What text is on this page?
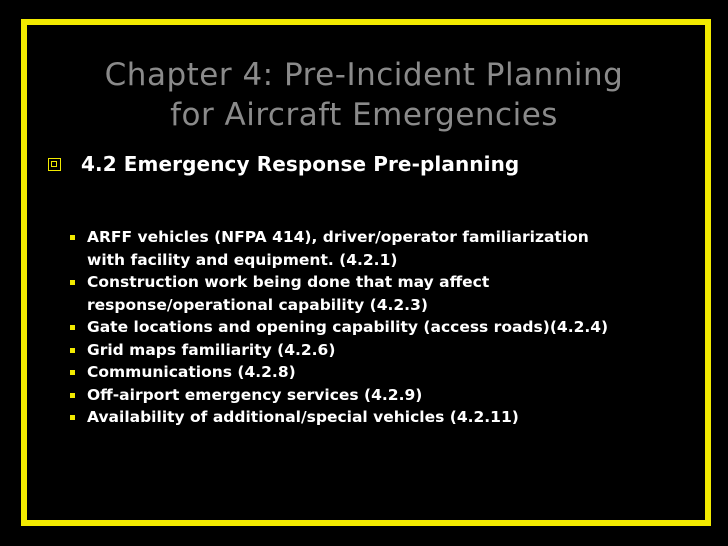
Chapter 4: Pre-Incident Planning
for Aircraft Emergencies
4.2 Emergency Response Pre-planning
ARFF vehicles (NFPA 414), driver/operator familiarization
with facility and equipment. (4.2.1)
Construction work being done that may affect
response/operational capability (4.2.3)
Gate locations and opening capability (access roads)(4.2.4)
Grid maps familiarity (4.2.6)
Communications (4.2.8)
Off-airport emergency services (4.2.9)
Availability of additional/special vehicles (4.2.11)
